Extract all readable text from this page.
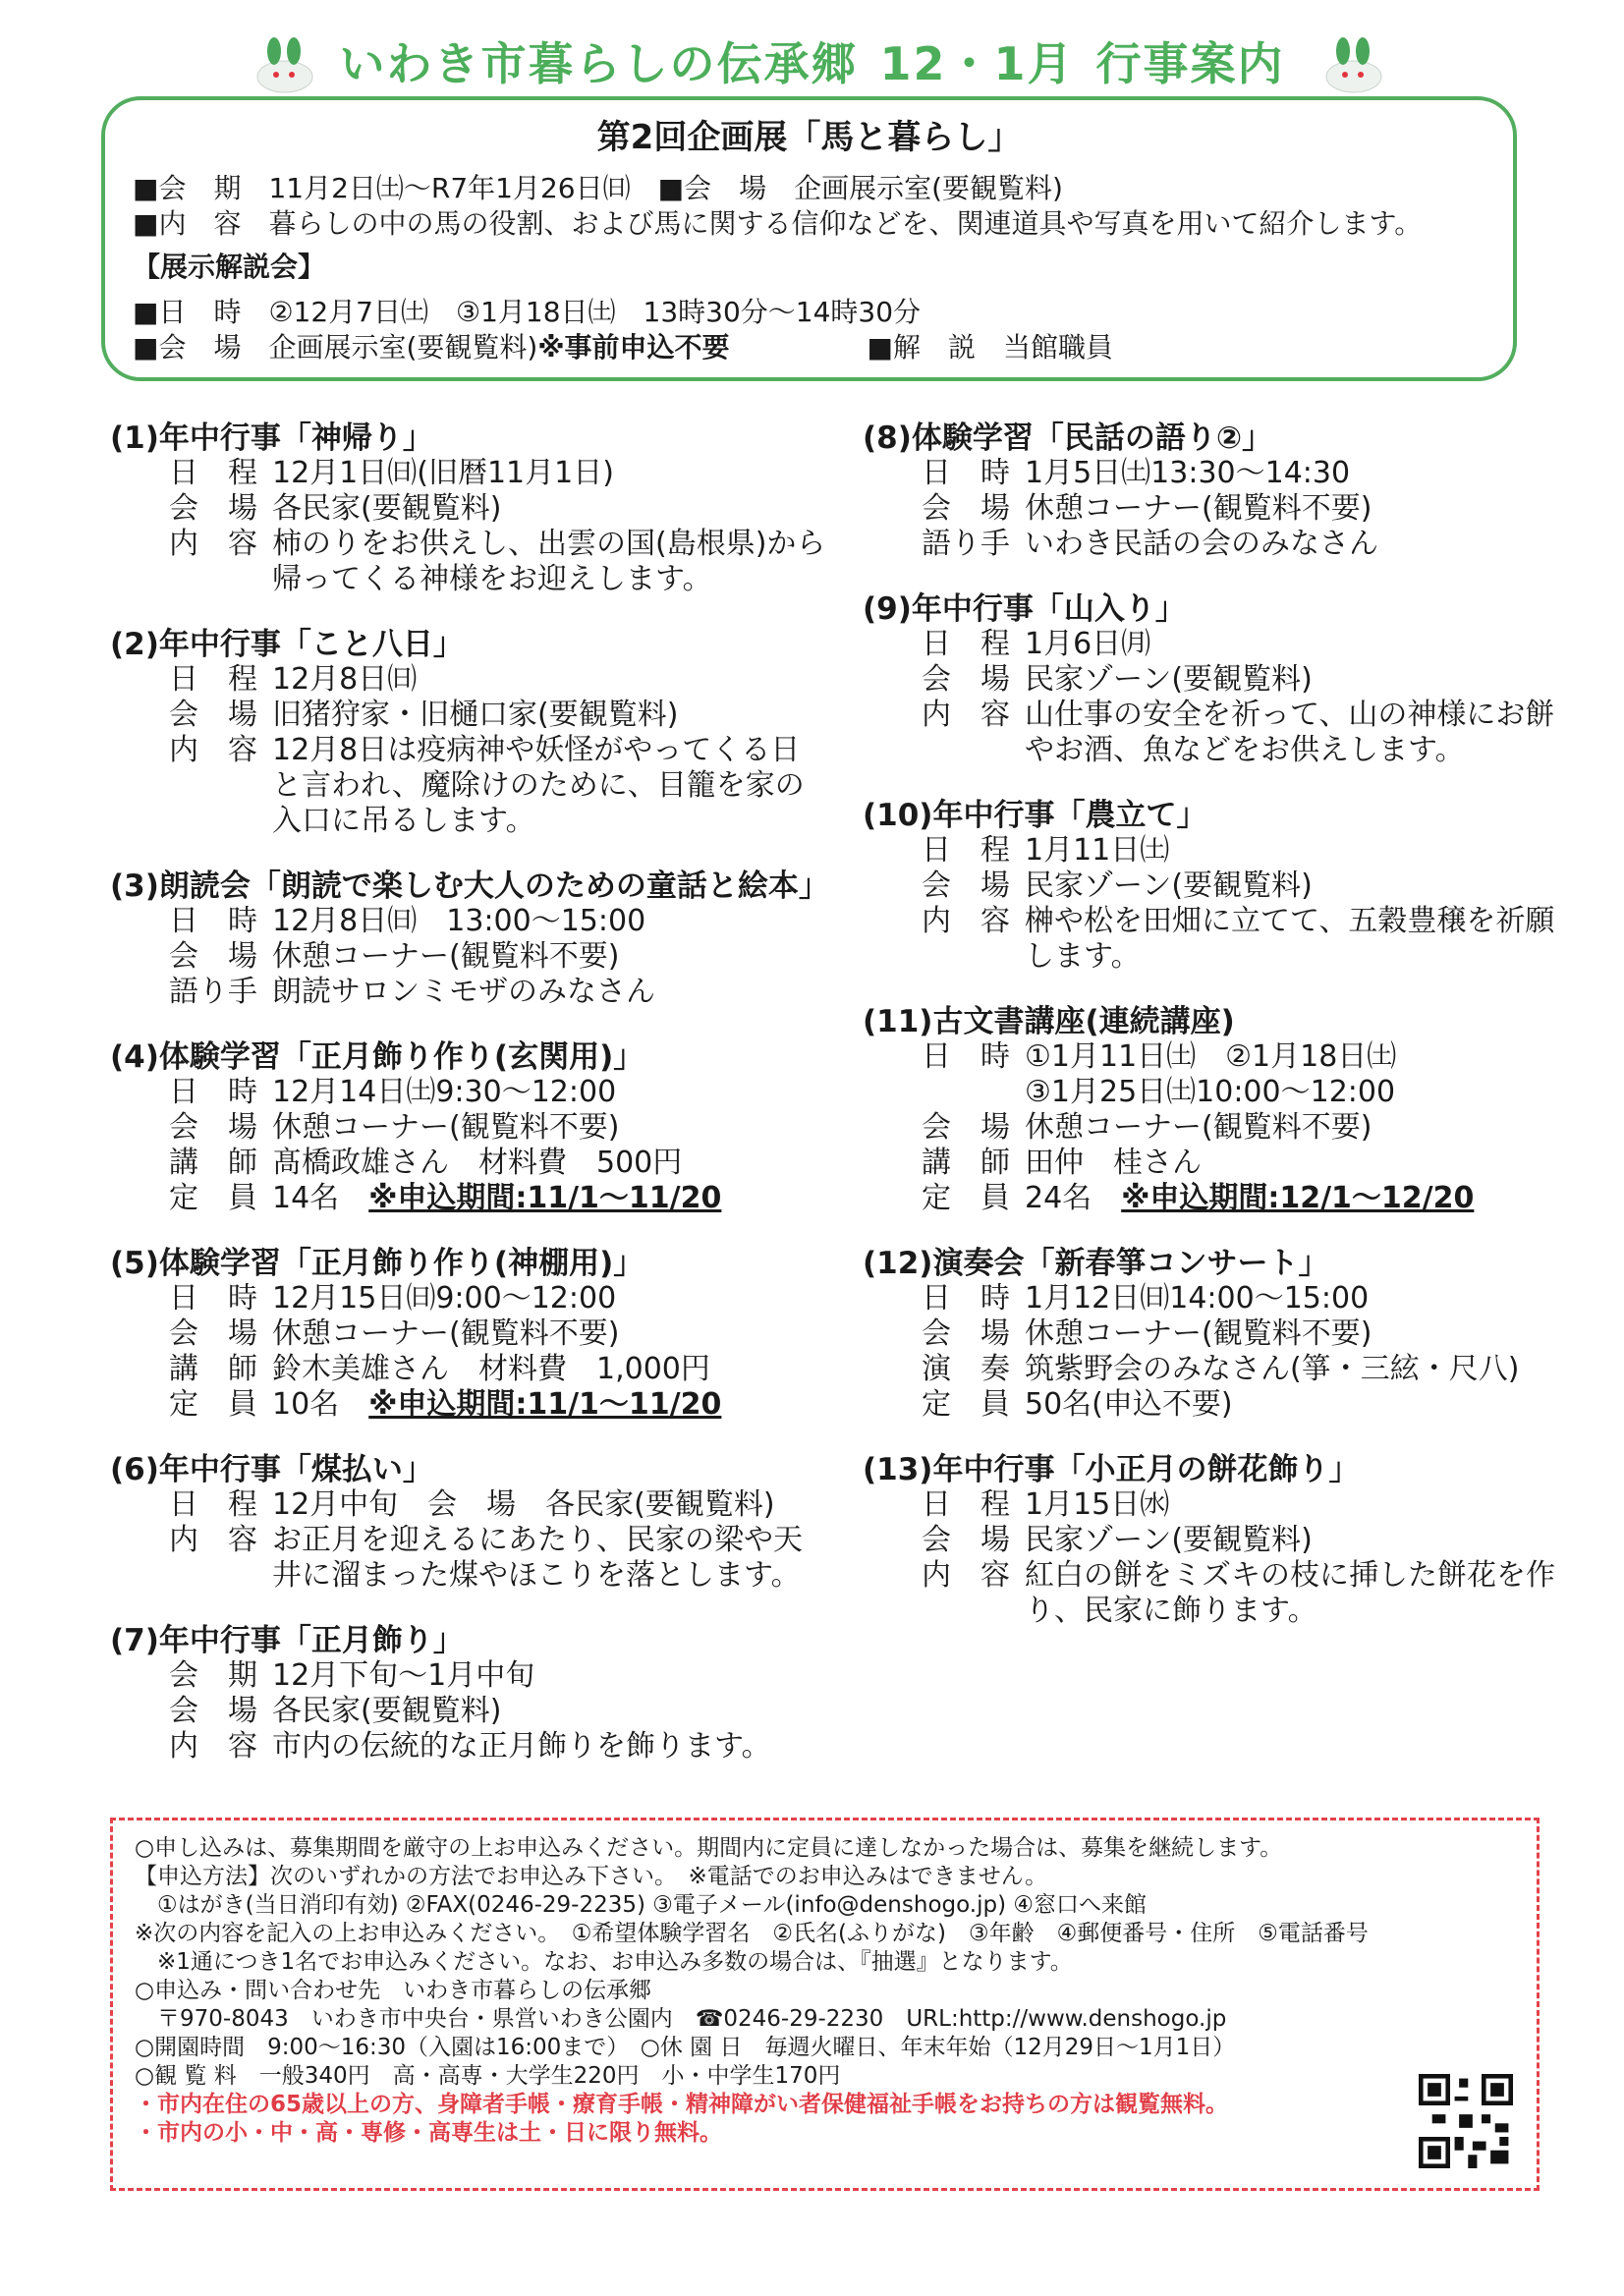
いわき市暮らしの伝承郷 12・1月 行事案内
第2回企画展「馬と暮らし」
■会　期　11月2日㈯～R7年1月26日㈰　■会　場　企画展示室(要観覧料)
■内　容　暮らしの中の馬の役割、および馬に関する信仰などを、関連道具や写真を用いて紹介します。
【展示解説会】
■日　時　②12月7日㈯　③1月18日㈯　13時30分～14時30分
■会　場　企画展示室(要観覧料)※事前申込不要	■解　説　当館職員
(1)年中行事「神帰り」
日　程 12月1日㈰(旧暦11月1日)
会　場 各民家(要観覧料)
内　容 柿のりをお供えし、出雲の国(島根県)から帰ってくる神様をお迎えします。
(2)年中行事「こと八日」
日　程 12月8日㈰
会　場 旧猪狩家・旧樋口家(要観覧料)
内　容 12月8日は疫病神や妖怪がやってくる日と言われ、魔除けのために、目籠を家の入口に吊るします。
(3)朗読会「朗読で楽しむ大人のための童話と絵本」
日　時 12月8日㈰　13:00～15:00
会　場 休憩コーナー(観覧料不要)
語り手 朗読サロンミモザのみなさん
(4)体験学習「正月飾り作り(玄関用)」
日　時 12月14日㈯9:30～12:00
会　場 休憩コーナー(観覧料不要)
講　師 髙橋政雄さん　材料費　500円
定　員 14名　※申込期間:11/1～11/20
(5)体験学習「正月飾り作り(神棚用)」
日　時 12月15日㈰9:00～12:00
会　場 休憩コーナー(観覧料不要)
講　師 鈴木美雄さん　材料費　1,000円
定　員 10名　※申込期間:11/1～11/20
(6)年中行事「煤払い」
日　程 12月中旬　会　場　各民家(要観覧料)
内　容 お正月を迎えるにあたり、民家の梁や天井に溜まった煤やほこりを落とします。
(7)年中行事「正月飾り」
会　期 12月下旬～1月中旬
会　場 各民家(要観覧料)
内　容 市内の伝統的な正月飾りを飾ります。
(8)体験学習「民話の語り②」
日　時 1月5日㈯13:30～14:30
会　場 休憩コーナー(観覧料不要)
語り手 いわき民話の会のみなさん
(9)年中行事「山入り」
日　程 1月6日㈪
会　場 民家ゾーン(要観覧料)
内　容 山仕事の安全を祈って、山の神様にお餅やお酒、魚などをお供えします。
(10)年中行事「農立て」
日　程 1月11日㈯
会　場 民家ゾーン(要観覧料)
内　容 榊や松を田畑に立てて、五穀豊穣を祈願します。
(11)古文書講座(連続講座)
日　時 ①1月11日㈯　②1月18日㈯
③1月25日㈯10:00～12:00
会　場 休憩コーナー(観覧料不要)
講　師 田仲　桂さん
定　員 24名　※申込期間:12/1～12/20
(12)演奏会「新春箏コンサート」
日　時 1月12日㈰14:00～15:00
会　場 休憩コーナー(観覧料不要)
演　奏 筑紫野会のみなさん(箏・三絃・尺八)
定　員 50名(申込不要)
(13)年中行事「小正月の餅花飾り」
日　程 1月15日㈬
会　場 民家ゾーン(要観覧料)
内　容 紅白の餅をミズキの枝に挿した餅花を作り、民家に飾ります。
○申し込みは、募集期間を厳守の上お申込みください。期間内に定員に達しなかった場合は、募集を継続します。
【申込方法】次のいずれかの方法でお申込み下さい。　※電話でのお申込みはできません。
　①はがき(当日消印有効) ②FAX(0246-29-2235) ③電子メール(info@denshogo.jp) ④窓口へ来館
※次の内容を記入の上お申込みください。　①希望体験学習名　②氏名(ふりがな)　③年齢　④郵便番号・住所　⑤電話番号
　※1通につき1名でお申込みください。なお、お申込み多数の場合は、『抽選』となります。
○申込み・問い合わせ先　いわき市暮らしの伝承郷
　〒970-8043　いわき市中央台・県営いわき公園内　☎0246-29-2230　URL:http://www.denshogo.jp
○開園時間　9:00～16:30（入園は16:00まで）　○休 園 日　毎週火曜日、年末年始（12月29日～1月1日）
○観 覧 料　一般340円　高・高専・大学生220円　小・中学生170円
・市内在住の65歳以上の方、身障者手帳・療育手帳・精神障がい者保健福祉手帳をお持ちの方は観覧無料。
・市内の小・中・高・専修・高専生は土・日に限り無料。
